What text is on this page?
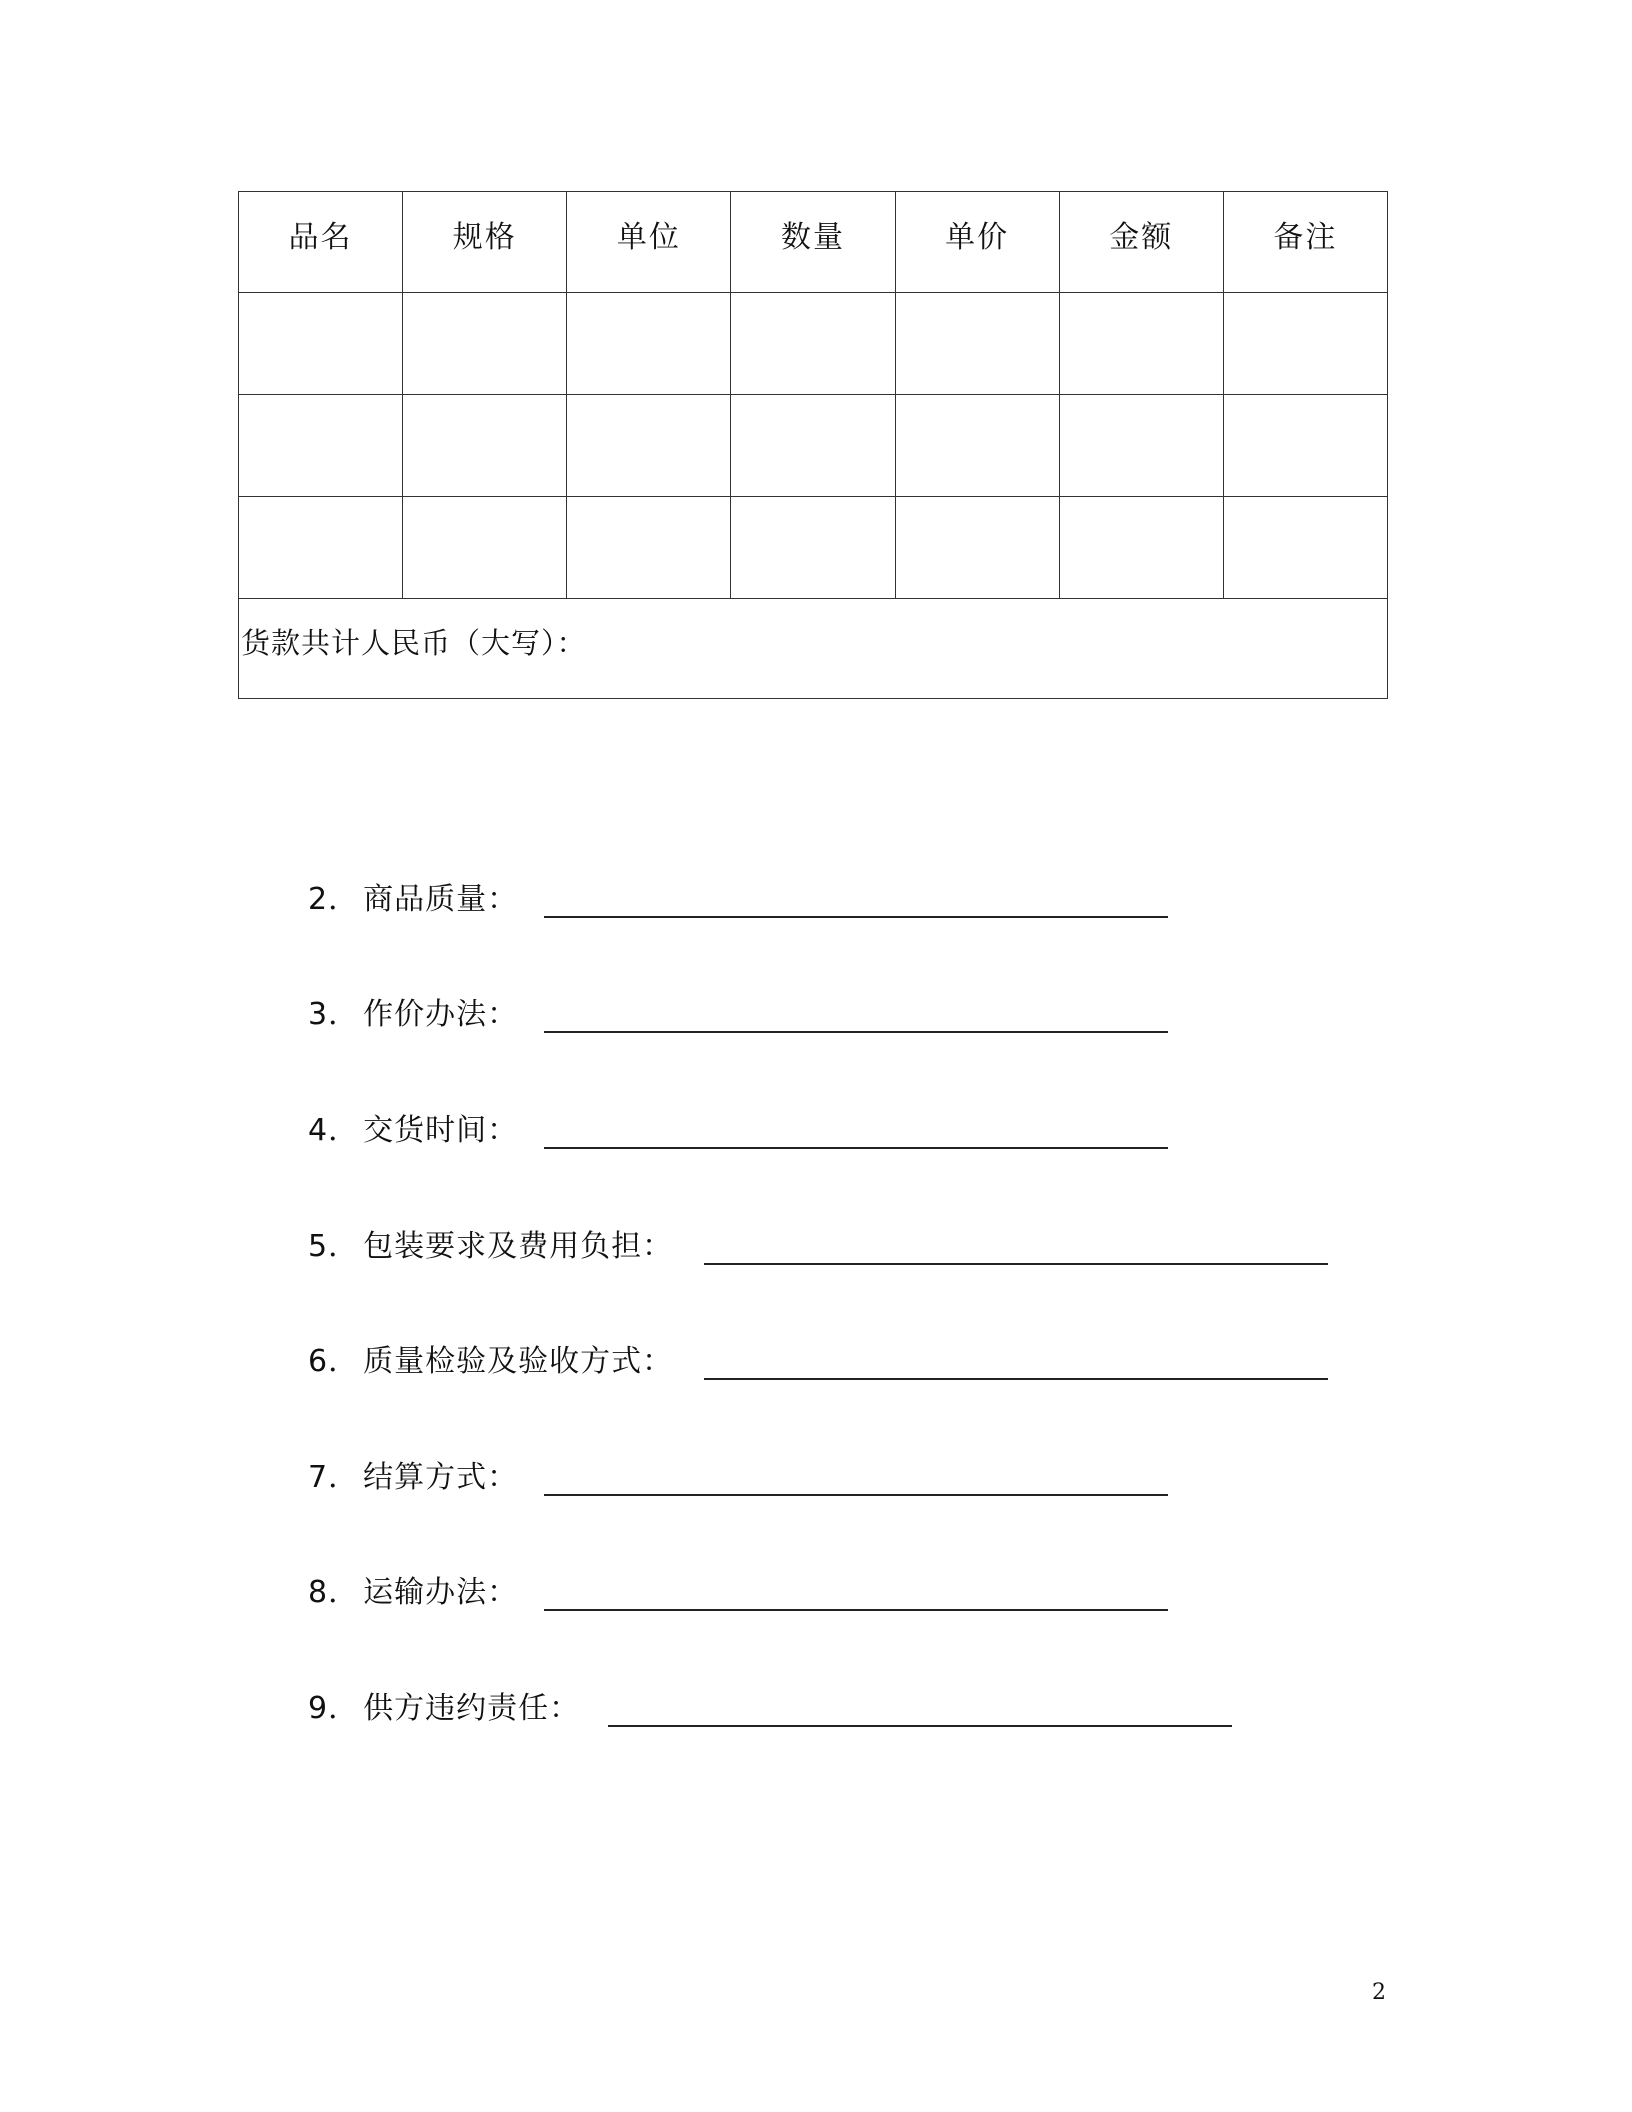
品名	规格	单位	数量	单价	金额	备注

货款共计人民币（大写）：						
2． 商品质量：
3． 作价办法：
4． 交货时间：
5． 包装要求及费用负担：
6． 质量检验及验收方式：
7． 结算方式：
8． 运输办法：
9． 供方违约责任：
2
